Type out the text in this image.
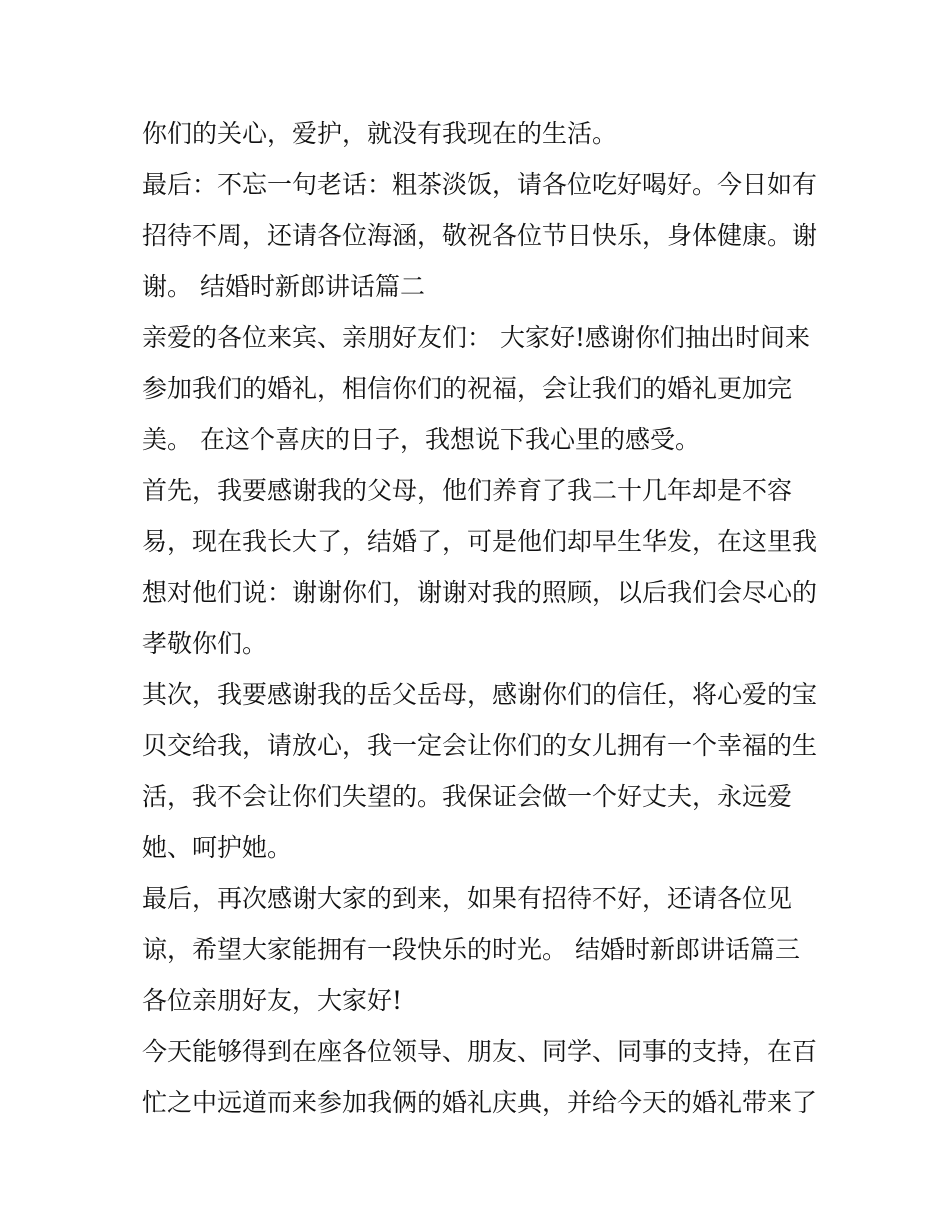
你们的关心，爱护，就没有我现在的生活。
最后：不忘一句老话：粗茶淡饭，请各位吃好喝好。今日如有
招待不周，还请各位海涵，敬祝各位节日快乐，身体健康。谢
谢。 结婚时新郎讲话篇二
亲爱的各位来宾、亲朋好友们： 大家好!感谢你们抽出时间来
参加我们的婚礼，相信你们的祝福，会让我们的婚礼更加完
美。 在这个喜庆的日子，我想说下我心里的感受。
首先，我要感谢我的父母，他们养育了我二十几年却是不容
易，现在我长大了，结婚了，可是他们却早生华发，在这里我
想对他们说：谢谢你们，谢谢对我的照顾，以后我们会尽心的
孝敬你们。
其次，我要感谢我的岳父岳母，感谢你们的信任，将心爱的宝
贝交给我，请放心，我一定会让你们的女儿拥有一个幸福的生
活，我不会让你们失望的。我保证会做一个好丈夫，永远爱
她、呵护她。
最后，再次感谢大家的到来，如果有招待不好，还请各位见
谅，希望大家能拥有一段快乐的时光。 结婚时新郎讲话篇三
各位亲朋好友，大家好!
今天能够得到在座各位领导、朋友、同学、同事的支持，在百
忙之中远道而来参加我俩的婚礼庆典，并给今天的婚礼带来了
